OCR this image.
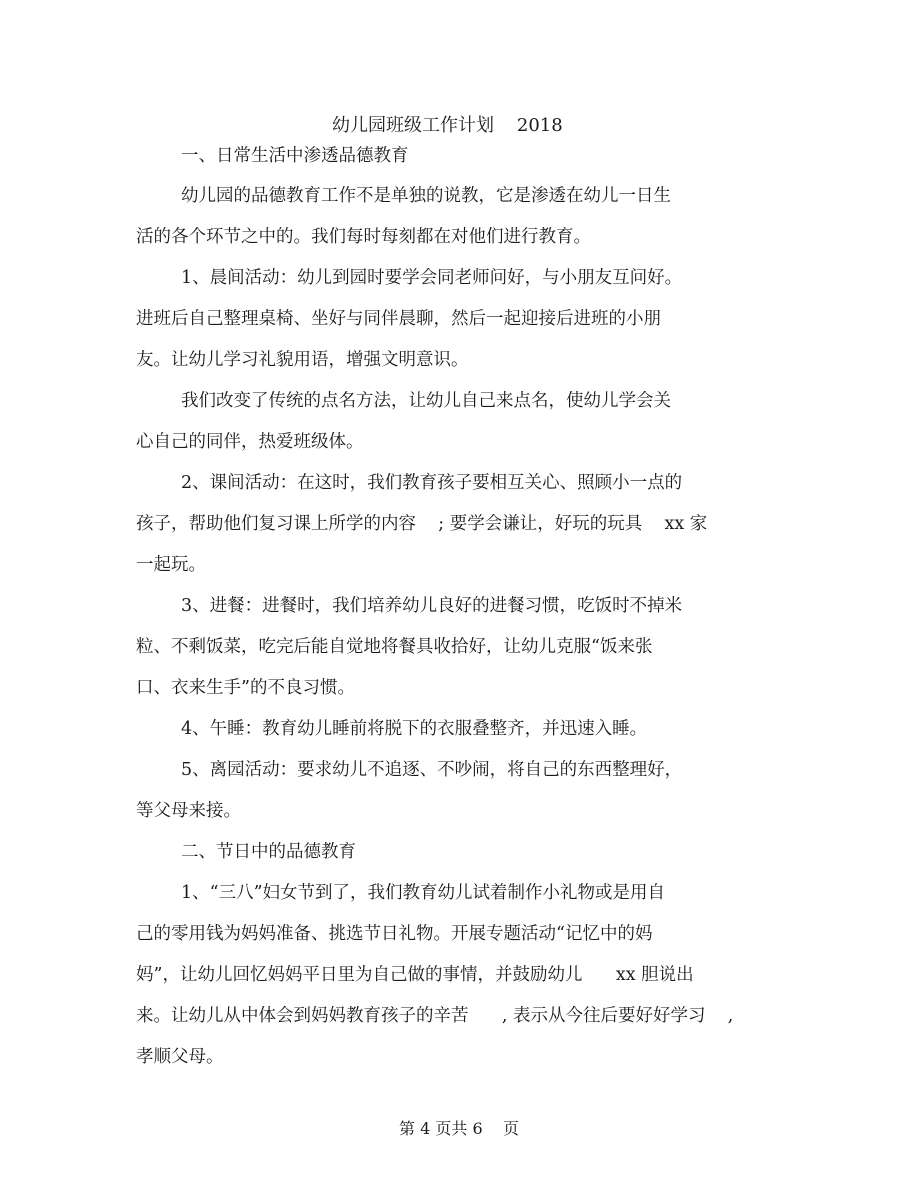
幼儿园班级工作计划    2018
一、日常生活中渗透品德教育
幼儿园的品德教育工作不是单独的说教，它是渗透在幼儿一日生
活的各个环节之中的。我们每时每刻都在对他们进行教育。
1、晨间活动：幼儿到园时要学会同老师问好，与小朋友互问好。
进班后自己整理桌椅、坐好与同伴晨聊，然后一起迎接后进班的小朋
友。让幼儿学习礼貌用语，增强文明意识。
我们改变了传统的点名方法，让幼儿自己来点名，使幼儿学会关
心自己的同伴，热爱班级体。
2、课间活动：在这时，我们教育孩子要相互关心、照顾小一点的
孩子，帮助他们复习课上所学的内容    ; 要学会谦让，好玩的玩具    xx 家
一起玩。
3、进餐：进餐时，我们培养幼儿良好的进餐习惯，吃饭时不掉米
粒、不剩饭菜，吃完后能自觉地将餐具收拾好，让幼儿克服“饭来张
口、衣来生手”的不良习惯。
4、午睡：教育幼儿睡前将脱下的衣服叠整齐，并迅速入睡。
5、离园活动：要求幼儿不追逐、不吵闹，将自己的东西整理好，
等父母来接。
二、节日中的品德教育
1、“三八”妇女节到了，我们教育幼儿试着制作小礼物或是用自
己的零用钱为妈妈准备、挑选节日礼物。开展专题活动“记忆中的妈
妈”，让幼儿回忆妈妈平日里为自己做的事情，并鼓励幼儿      xx 胆说出
来。让幼儿从中体会到妈妈教育孩子的辛苦      , 表示从今往后要好好学习    ,
孝顺父母。
第 4 页共 6    页
